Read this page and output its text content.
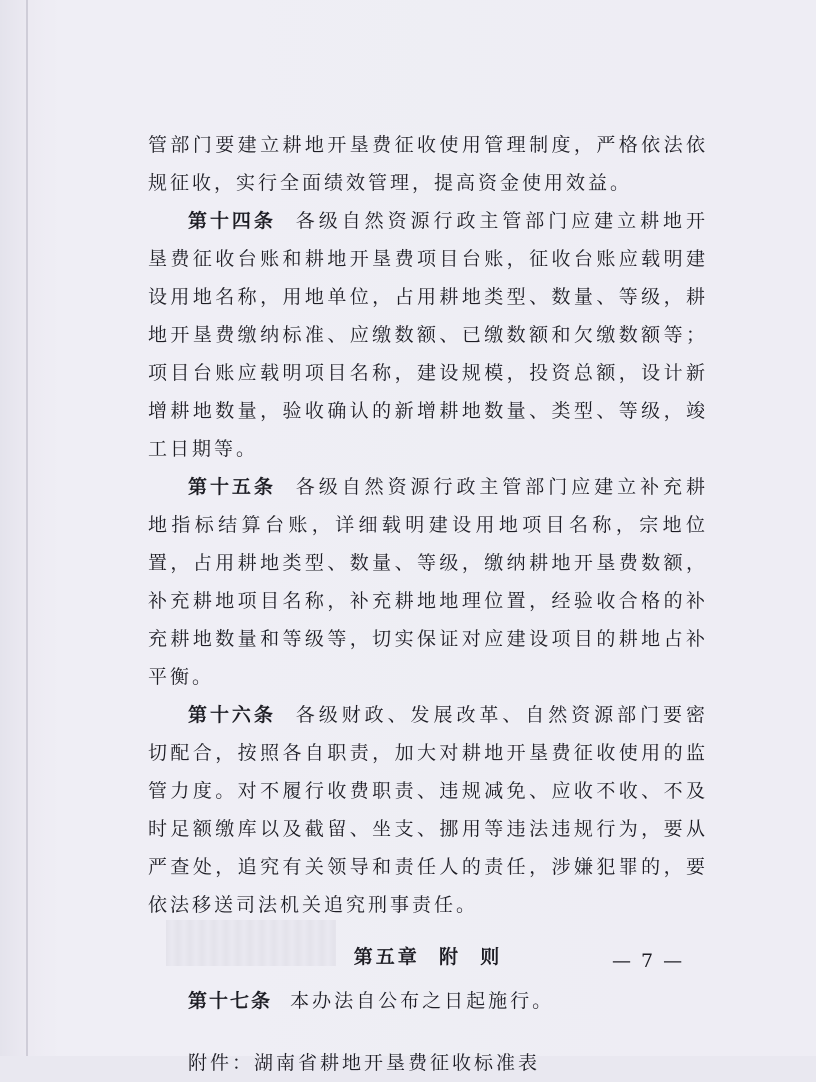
管部门要建立耕地开垦费征收使用管理制度，严格依法依规征收，实行全面绩效管理，提高资金使用效益。

第十四条 各级自然资源行政主管部门应建立耕地开垦费征收台账和耕地开垦费项目台账，征收台账应载明建设用地名称，用地单位，占用耕地类型、数量、等级，耕地开垦费缴纳标准、应缴数额、已缴数额和欠缴数额等；项目台账应载明项目名称，建设规模，投资总额，设计新增耕地数量，验收确认的新增耕地数量、类型、等级，竣工日期等。

第十五条 各级自然资源行政主管部门应建立补充耕地指标结算台账，详细载明建设用地项目名称，宗地位置，占用耕地类型、数量、等级，缴纳耕地开垦费数额，补充耕地项目名称，补充耕地地理位置，经验收合格的补充耕地数量和等级等，切实保证对应建设项目的耕地占补平衡。

第十六条 各级财政、发展改革、自然资源部门要密切配合，按照各自职责，加大对耕地开垦费征收使用的监管力度。对不履行收费职责、违规减免、应收不收、不及时足额缴库以及截留、坐支、挪用等违法违规行为，要从严查处，追究有关领导和责任人的责任，涉嫌犯罪的，要依法移送司法机关追究刑事责任。

第五章  附  则

第十七条 本办法自公布之日起施行。

附件：湖南省耕地开垦费征收标准表

— 7 —
